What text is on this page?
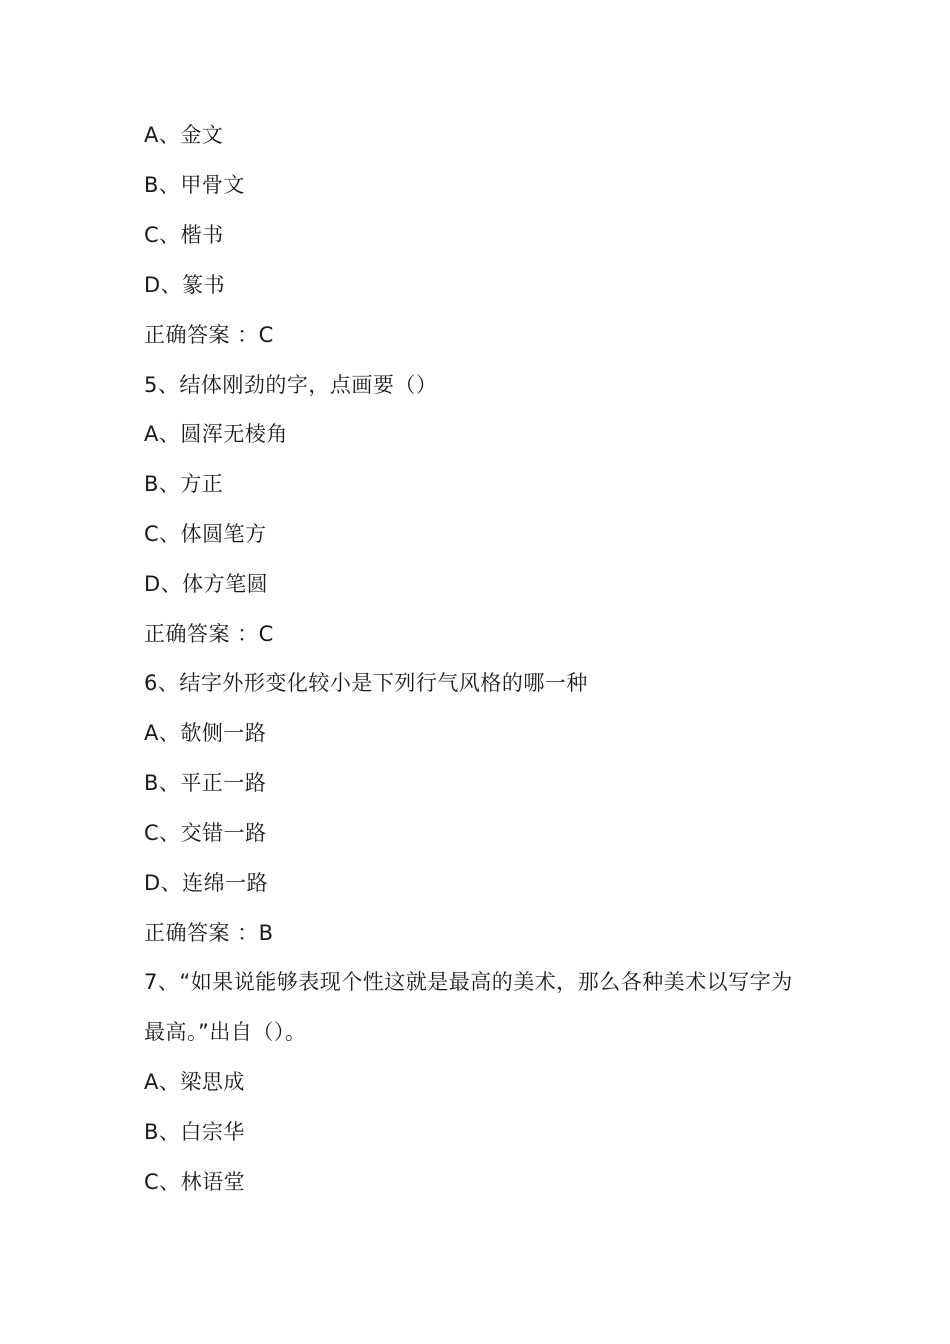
A、金文
B、甲骨文
C、楷书
D、篆书
正确答案 ：C
5、结体刚劲的字，点画要（）
A、圆浑无棱角
B、方正
C、体圆笔方
D、体方笔圆
正确答案 ：C
6、结字外形变化较小是下列行气风格的哪一种
A、欹侧一路
B、平正一路
C、交错一路
D、连绵一路
正确答案 ：B
7、“如果说能够表现个性这就是最高的美术，那么各种美术以写字为
最高。”出自（）。
A、梁思成
B、白宗华
C、林语堂
